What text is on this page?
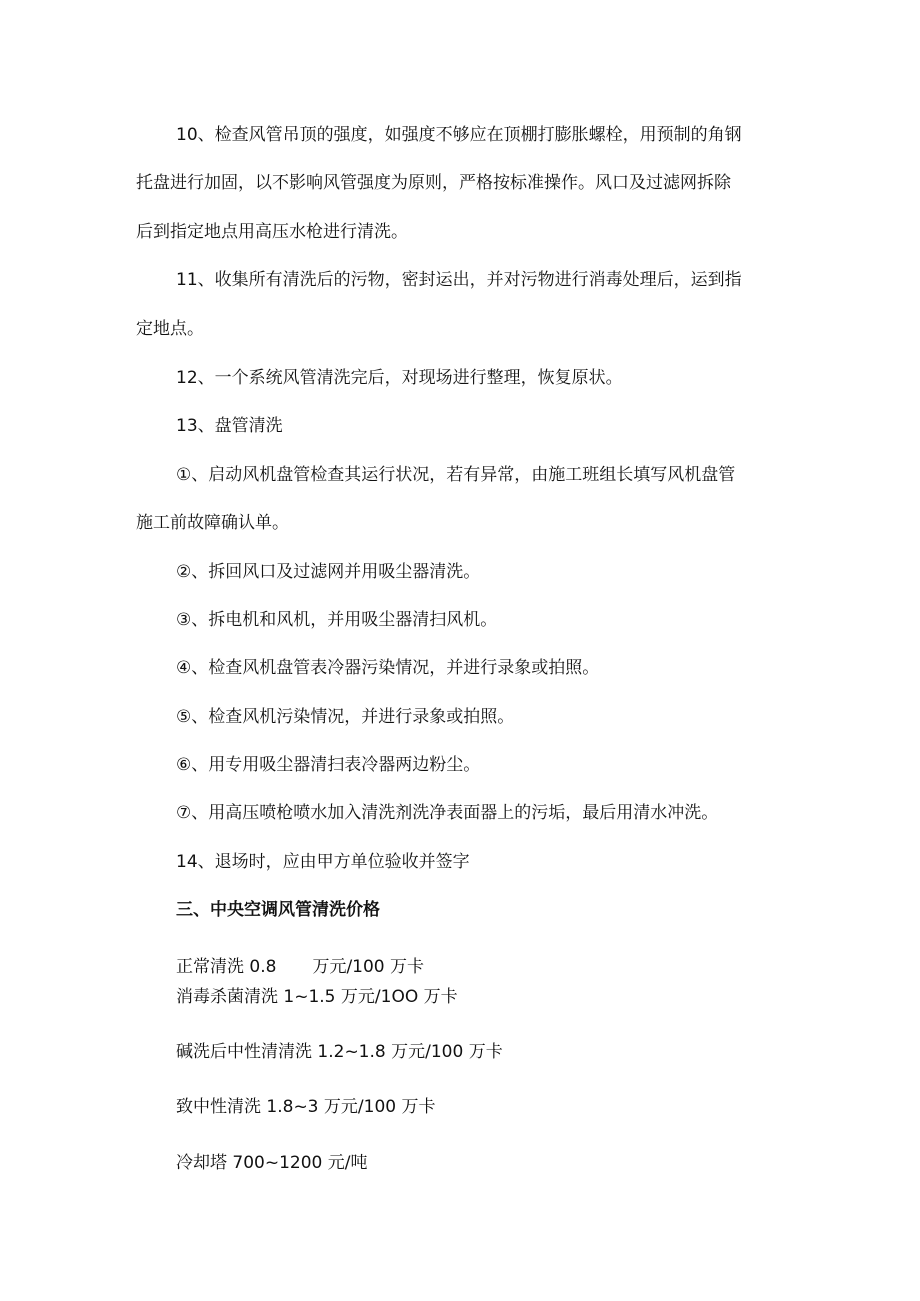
10、检查风管吊顶的强度，如强度不够应在顶棚打膨胀螺栓，用预制的角钢
托盘进行加固，以不影响风管强度为原则，严格按标准操作。风口及过滤网拆除
后到指定地点用高压水枪进行清洗。
11、收集所有清洗后的污物，密封运出，并对污物进行消毒处理后，运到指
定地点。
12、一个系统风管清洗完后，对现场进行整理，恢复原状。
13、盘管清洗
①、启动风机盘管检查其运行状况，若有异常，由施工班组长填写风机盘管
施工前故障确认单。
②、拆回风口及过滤网并用吸尘器清洗。
③、拆电机和风机，并用吸尘器清扫风机。
④、检查风机盘管表冷器污染情况，并进行录象或拍照。
⑤、检查风机污染情况，并进行录象或拍照。
⑥、用专用吸尘器清扫表冷器两边粉尘。
⑦、用高压喷枪喷水加入清洗剂洗净表面器上的污垢，最后用清水冲洗。
14、退场时，应由甲方单位验收并签字
三、中央空调风管清洗价格
正常清洗 0.8 万元/100 万卡
消毒杀菌清洗 1~1.5 万元/1OO 万卡
碱洗后中性清清洗 1.2~1.8 万元/100 万卡
致中性清洗 1.8~3 万元/100 万卡
冷却塔 700~1200 元/吨
